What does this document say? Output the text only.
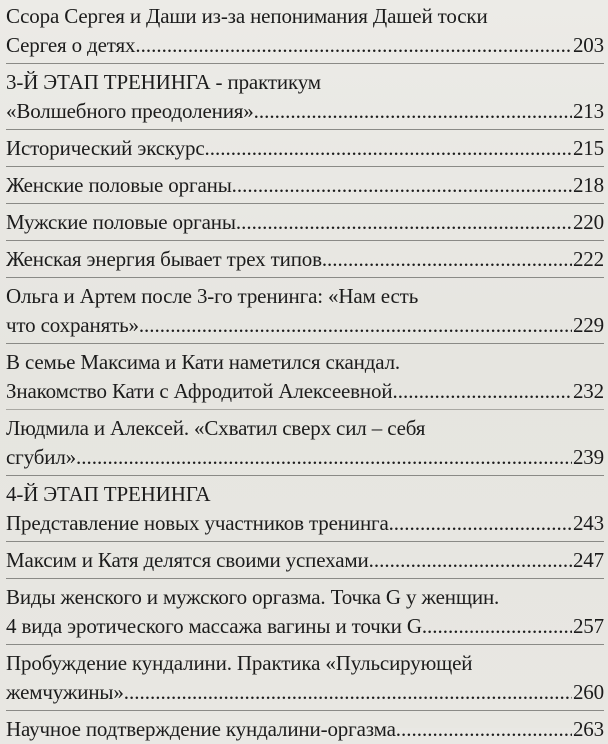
Ссора Сергея и Даши из-за непонимания Дашей тоски
Сергея о детях .....	203
3-Й ЭТАП ТРЕНИНГА - практикум
«Волшебного преодоления» .....	213
Исторический экскурс .....	215
Женские половые органы .....	218
Мужские половые органы .....	220
Женская энергия бывает трех типов. .....	222
Ольга и Артем после 3-го тренинга: «Нам есть
что сохранять». .....	229
В семье Максима и Кати наметился скандал.
Знакомство Кати с Афродитой Алексеевной .....	232
Людмила и Алексей. «Схватил сверх сил – себя
сгубил» .....	239
4-Й ЭТАП ТРЕНИНГА
Представление новых участников тренинга. .....	243
Максим и Катя делятся своими успехами .....	247
Виды женского и мужского оргазма. Точка G у женщин.
4 вида эротического массажа вагины и точки G. .....	257
Пробуждение кундалини. Практика «Пульсирующей
жемчужины» .....	260
Научное подтверждение кундалини-оргазма .....	263
